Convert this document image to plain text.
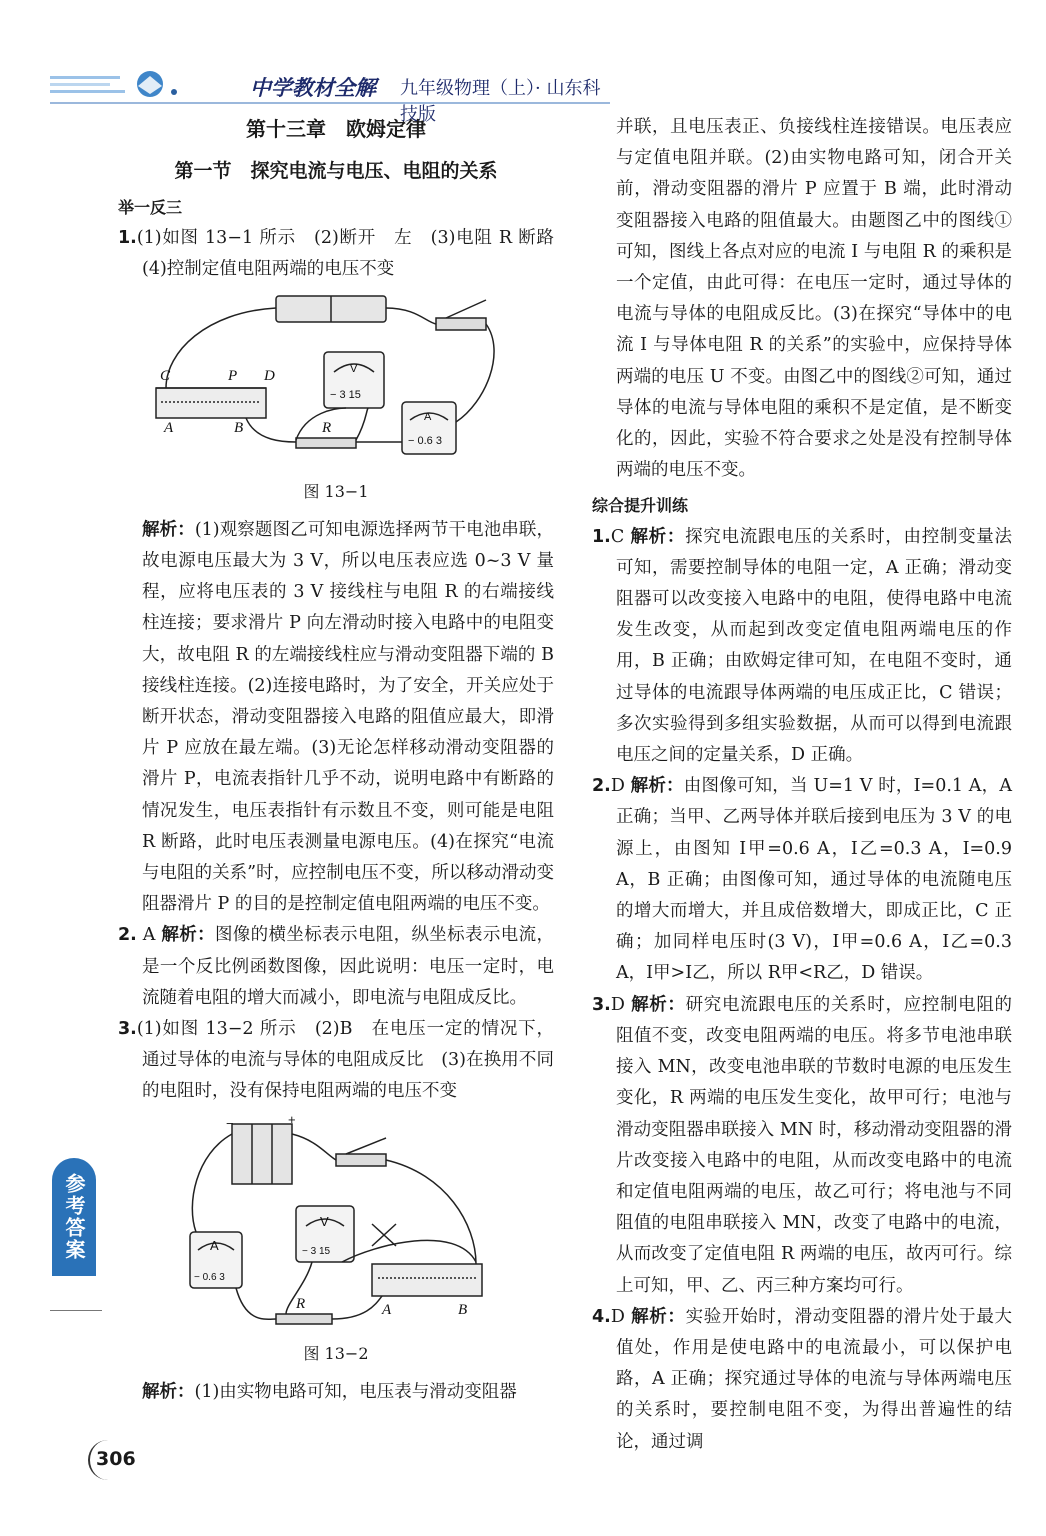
中学教材全解 九年级物理（上）· 山东科技版
第十三章　欧姆定律
第一节　探究电流与电压、电阻的关系

举一反三

1.(1)如图 13−1 所示　(2)断开　左　(3)电阻 R 断路　(4)控制定值电阻两端的电压不变

C	P D
A	B	R
V
A
− 3 15
− 0.6 3
图 13−1

解析：(1)观察题图乙可知电源选择两节干电池串联，故电源电压最大为 3 V，所以电压表应选 0~3 V 量程，应将电压表的 3 V 接线柱与电阻 R 的右端接线柱连接；要求滑片 P 向左滑动时接入电路中的电阻变大，故电阻 R 的左端接线柱应与滑动变阻器下端的 B 接线柱连接。(2)连接电路时，为了安全，开关应处于断开状态，滑动变阻器接入电路的阻值应最大，即滑片 P 应放在最左端。(3)无论怎样移动滑动变阻器的滑片 P，电流表指针几乎不动，说明电路中有断路的情况发生，电压表指针有示数且不变，则可能是电阻 R 断路，此时电压表测量电源电压。(4)在探究“电流与电阻的关系”时，应控制电压不变，所以移动滑动变阻器滑片 P 的目的是控制定值电阻两端的电压不变。

2. A 解析：图像的横坐标表示电阻，纵坐标表示电流，是一个反比例函数图像，因此说明：电压一定时，电流随着电阻的增大而减小，即电流与电阻成反比。

3.(1)如图 13−2 所示　(2)B　在电压一定的情况下，通过导体的电流与导体的电阻成反比　(3)在换用不同的电阻时，没有保持电阻两端的电压不变

−	+
A
V
− 0.6 3
− 3 15
R	A	B
图 13−2

解析：(1)由实物电路可知，电压表与滑动变阻器

并联，且电压表正、负接线柱连接错误。电压表应与定值电阻并联。(2)由实物电路可知，闭合开关前，滑动变阻器的滑片 P 应置于 B 端，此时滑动变阻器接入电路的阻值最大。由题图乙中的图线①可知，图线上各点对应的电流 I 与电阻 R 的乘积是一个定值，由此可得：在电压一定时，通过导体的电流与导体的电阻成反比。(3)在探究“导体中的电流 I 与导体电阻 R 的关系”的实验中，应保持导体两端的电压 U 不变。由图乙中的图线②可知，通过导体的电流与导体电阻的乘积不是定值，是不断变化的，因此，实验不符合要求之处是没有控制导体两端的电压不变。

综合提升训练

1.C 解析：探究电流跟电压的关系时，由控制变量法可知，需要控制导体的电阻一定，A 正确；滑动变阻器可以改变接入电路中的电阻，使得电路中电流发生改变，从而起到改变定值电阻两端电压的作用，B 正确；由欧姆定律可知，在电阻不变时，通过导体的电流跟导体两端的电压成正比，C 错误；多次实验得到多组实验数据，从而可以得到电流跟电压之间的定量关系，D 正确。

2.D 解析：由图像可知，当 U=1 V 时，I=0.1 A，A 正确；当甲、乙两导体并联后接到电压为 3 V 的电源上，由图知 I甲=0.6 A，I乙=0.3 A，I=0.9 A，B 正确；由图像可知，通过导体的电流随电压的增大而增大，并且成倍数增大，即成正比，C 正确；加同样电压时(3 V)，I甲=0.6 A，I乙=0.3 A，I甲>I乙，所以 R甲<R乙，D 错误。

3.D 解析：研究电流跟电压的关系时，应控制电阻的阻值不变，改变电阻两端的电压。将多节电池串联接入 MN，改变电池串联的节数时电源的电压发生变化，R 两端的电压发生变化，故甲可行；电池与滑动变阻器串联接入 MN 时，移动滑动变阻器的滑片改变接入电路中的电阻，从而改变电路中的电流和定值电阻两端的电压，故乙可行；将电池与不同阻值的电阻串联接入 MN，改变了电路中的电流，从而改变了定值电阻 R 两端的电压，故丙可行。综上可知，甲、乙、丙三种方案均可行。

4.D 解析：实验开始时，滑动变阻器的滑片处于最大值处，作用是使电路中的电流最小，可以保护电路，A 正确；探究通过导体的电流与导体两端电压的关系时，要控制电阻不变，为得出普遍性的结论，通过调

参考答案
306
